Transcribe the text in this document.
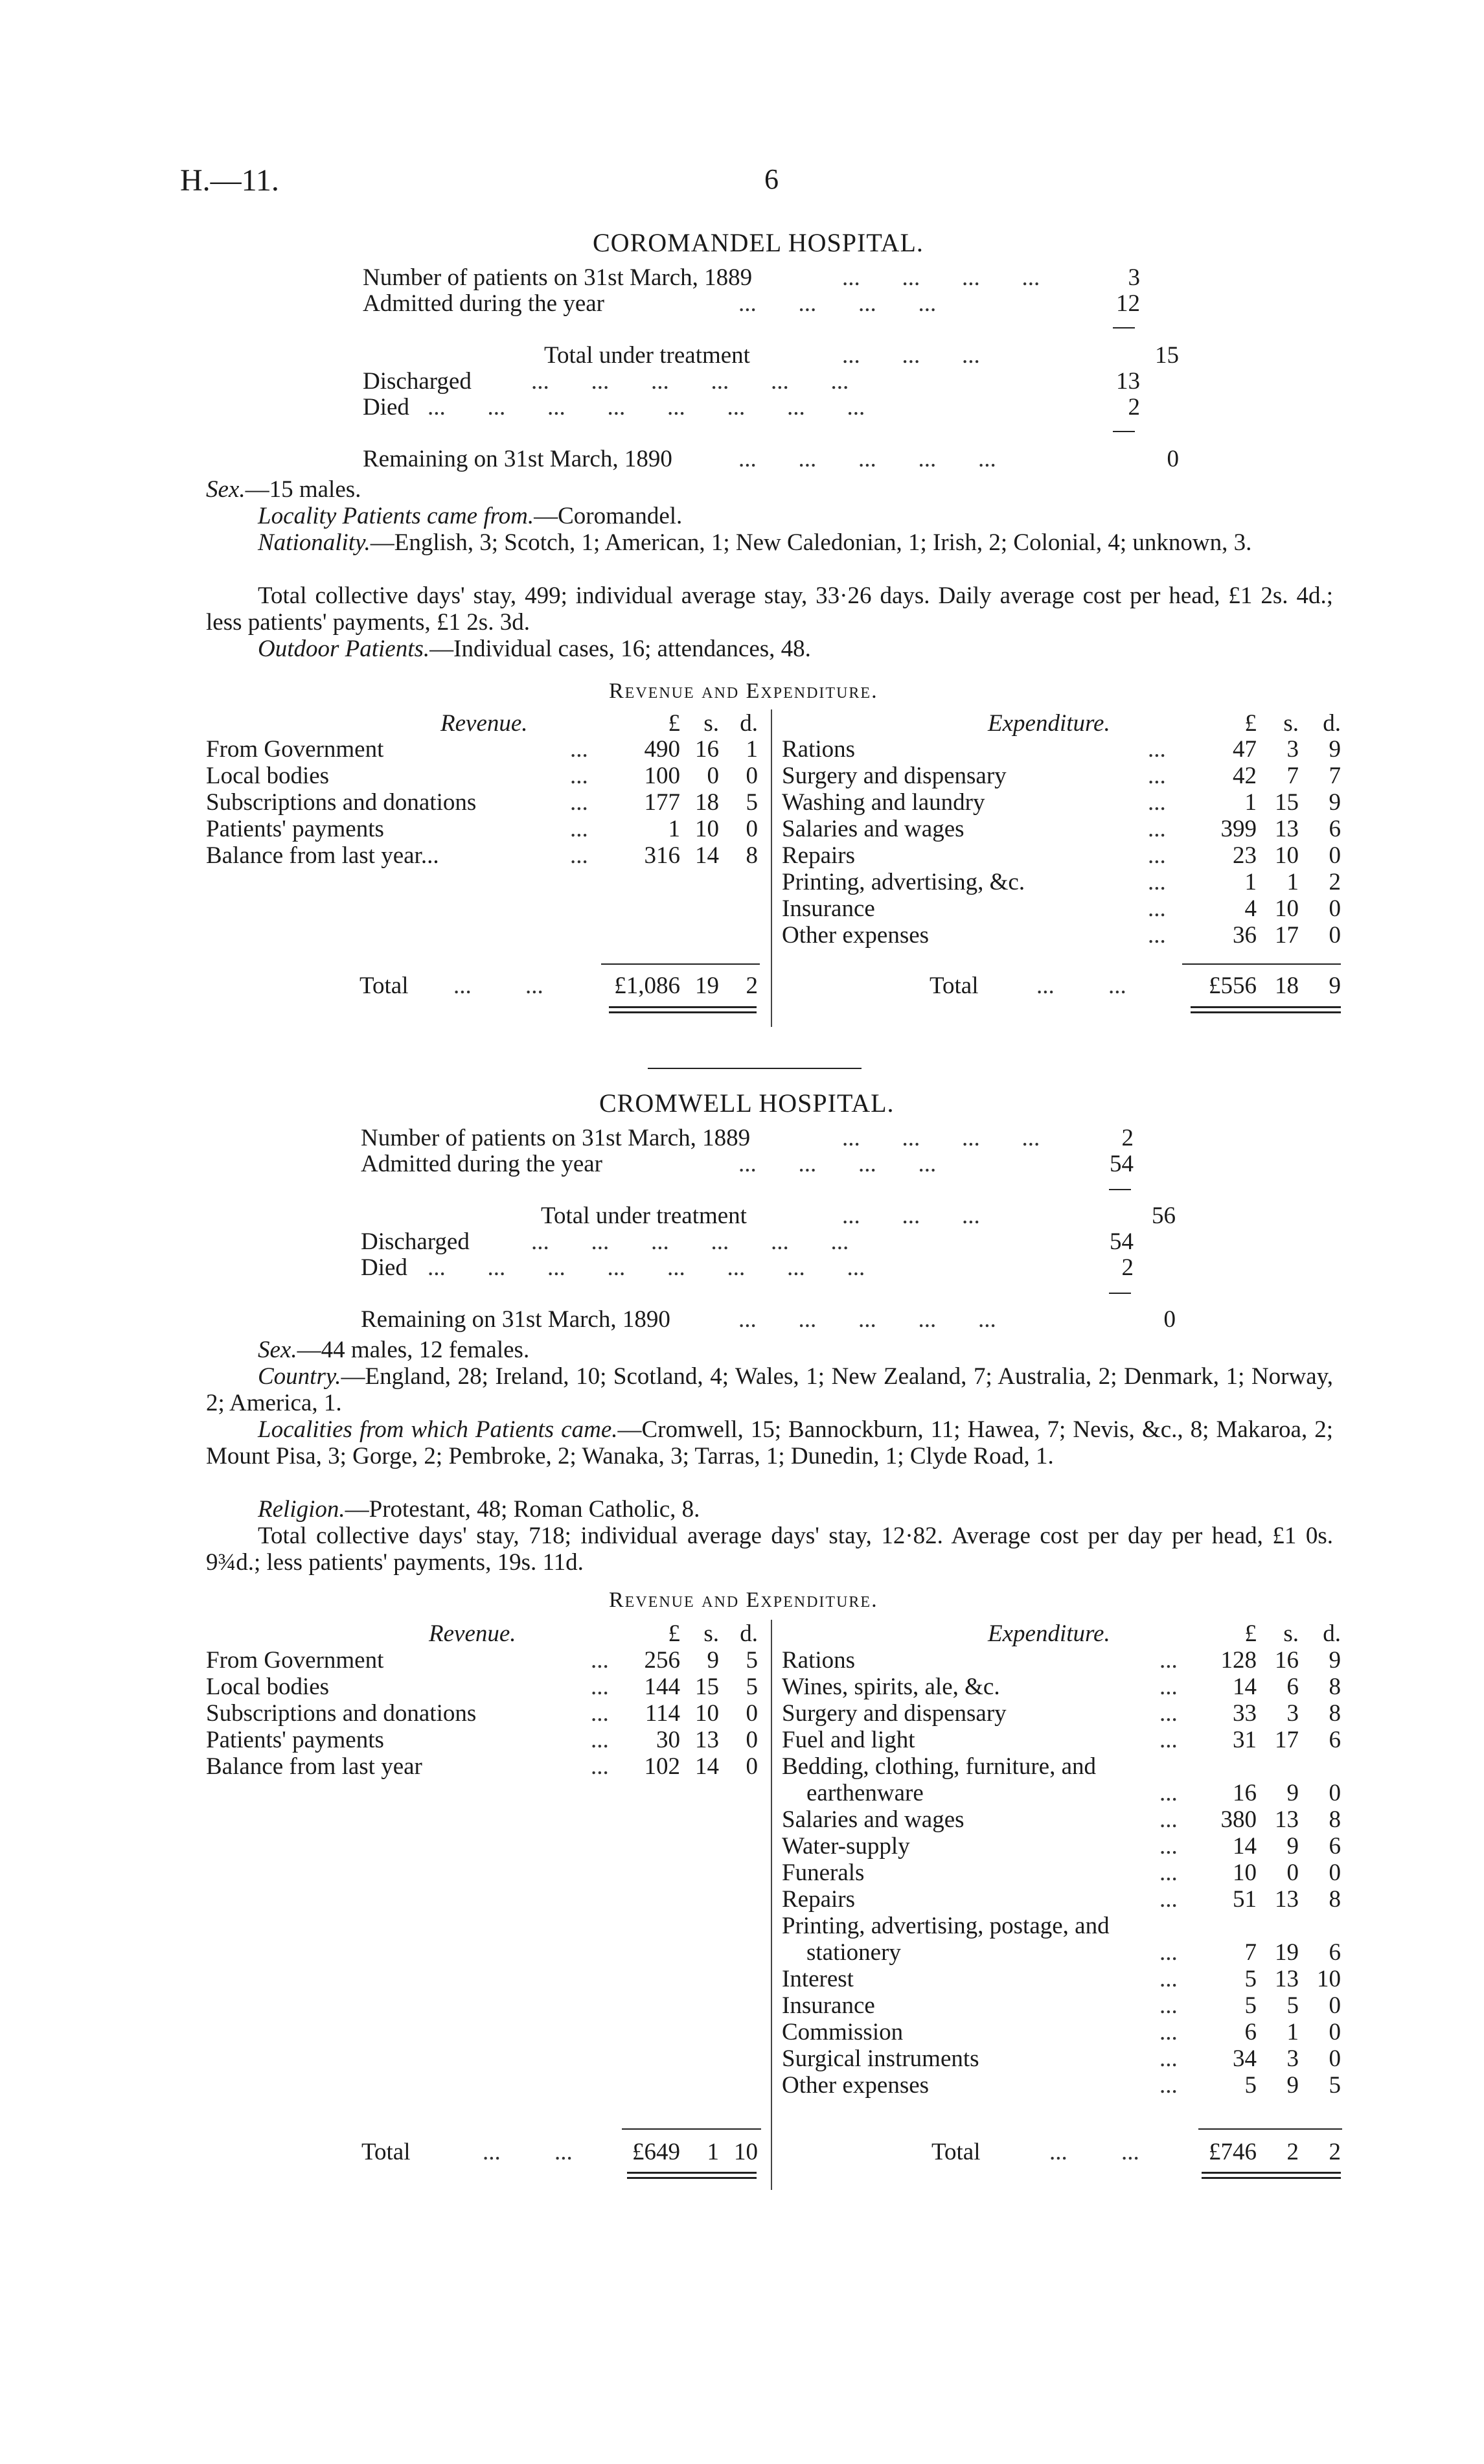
H.—11.	6
COROMANDEL HOSPITAL.
Number of patients on 31st March, 1889	...       ...       ...       ...	3
Admitted during the year	...       ...       ...       ...	12
Total under treatment	...       ...       ...	15
Discharged ...       ...       ...       ...       ...       ...	13
Died ...       ...       ...       ...       ...       ...       ...       ...	2
Remaining on 31st March, 1890	...       ...       ...       ...       ...	0
Sex.—15 males.
Locality Patients came from.—Coromandel.
Nationality.—English, 3; Scotch, 1; American, 1; New Caledonian, 1; Irish, 2; Colonial, 4; unknown, 3.
Total collective days' stay, 499; individual average stay, 33·26 days. Daily average cost per head, £1 2s. 4d.; less patients' payments, £1 2s. 3d.
Outdoor Patients.—Individual cases, 16; attendances, 48.
Revenue and Expenditure.
Revenue.	£ s. d.	Expenditure.	£	s.	d.
From Government	...	490 16	1
Local bodies	...	100	0	0
Subscriptions and donations	...	177 18	5
Patients' payments	...	1 10	0
Balance from last year...	...	316 14	8
Rations	...	47	3	9
Surgery and dispensary	...	42	7	7
Washing and laundry	...	1 15	9
Salaries and wages	...	399 13	6
Repairs	...	23 10	0
Printing, advertising, &c.	...	1	1	2
Insurance	...	4 10	0
Other expenses	...	36 17	0
Total ...         ...	£1,086 19	2	Total ...         ...	£556 18	9
CROMWELL HOSPITAL.
Number of patients on 31st March, 1889	...       ...       ...       ...	2
Admitted during the year	...       ...       ...       ...	54
Total under treatment	...       ...       ...	56
Discharged	...       ...       ...       ...       ...       ...	54
Died ...       ...       ...       ...       ...       ...       ...       ...	2
Remaining on 31st March, 1890	...       ...       ...       ...       ...	0
Sex.—44 males, 12 females.
Country.—England, 28; Ireland, 10; Scotland, 4; Wales, 1; New Zealand, 7; Australia, 2; Denmark, 1; Norway, 2; America, 1.
Localities from which Patients came.—Cromwell, 15; Bannockburn, 11; Hawea, 7; Nevis, &c., 8; Makaroa, 2; Mount Pisa, 3; Gorge, 2; Pembroke, 2; Wanaka, 3; Tarras, 1; Dunedin, 1; Clyde Road, 1.
Religion.—Protestant, 48; Roman Catholic, 8.
Total collective days' stay, 718; individual average days' stay, 12·82. Average cost per day per head, £1 0s. 9¾d.; less patients' payments, 19s. 11d.
Revenue and Expenditure.
Revenue.	£ s. d.	Expenditure.	£	s.	d.
From Government	...	256	9	5
Local bodies	...	144 15	5
Subscriptions and donations	...	114 10	0
Patients' payments	...	30 13	0
Balance from last year	...	102 14	0
Rations	...	128 16	9
Wines, spirits, ale, &c.	...	14	6	8
Surgery and dispensary	...	33	3	8
Fuel and light	...	31 17	6
Bedding, clothing, furniture, and
earthenware	...	16	9	0
Salaries and wages	...	380 13	8
Water-supply	...	14	9	6
Funerals	...	10	0	0
Repairs	...	51 13	8
Printing, advertising, postage, and
stationery	...	7 19	6
Interest	...	5 13 10
Insurance	...	5	5	0
Commission	...	6	1	0
Surgical instruments	...	34	3	0
Other expenses	...	5	9	5
Total	...         ...	£649	1 10	Total	...         ...	£746	2	2
